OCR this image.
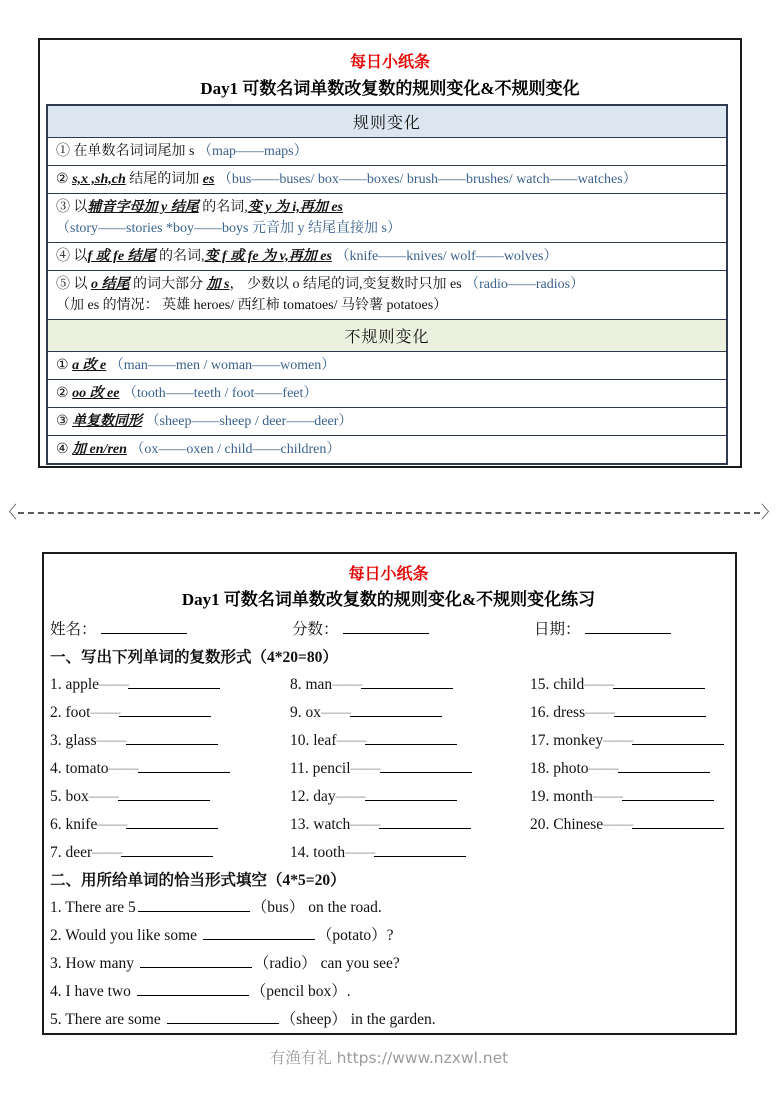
每日小纸条
Day1 可数名词单数改复数的规则变化&不规则变化
规则变化
① 在单数名词词尾加 s （map——maps）
② s,x ,sh,ch 结尾的词加 es （bus——buses/ box——boxes/ brush——brushes/ watch——watches）
③ 以辅音字母加 y 结尾 的名词,变 y 为 i,再加 es
（story——stories *boy——boys 元音加 y 结尾直接加 s）
④ 以f 或 fe 结尾 的名词,变 f 或 fe 为 v,再加 es （knife——knives/ wolf——wolves）
⑤ 以 o 结尾 的词大部分 加 s， 少数以 o 结尾的词,变复数时只加 es （radio——radios）
（加 es 的情况： 英雄 heroes/ 西红柿 tomatoes/ 马铃薯 potatoes）
不规则变化
① a 改 e （man——men / woman——women）
② oo 改 ee （tooth——teeth / foot——feet）
③ 单复数同形 （sheep——sheep / deer——deer）
④ 加 en/ren （ox——oxen / child——children）
〈	〉
每日小纸条
Day1 可数名词单数改复数的规则变化&不规则变化练习
姓名：	分数：	日期：
一、写出下列单词的复数形式（4*20=80）
1. apple——
2. foot——
3. glass——
4. tomato——
5. box——
6. knife——
7. deer——
8. man——
9. ox——
10. leaf——
11. pencil——
12. day——
13. watch——
14. tooth——
15. child——
16. dress——
17. monkey——
18. photo——
19. month——
20. Chinese——
二、用所给单词的恰当形式填空（4*5=20）
1. There are 5	（bus） on the road.
2. Would you like some	（potato）?
3. How many	（radio） can you see?
4. I have two	（pencil box）.
5. There are some	（sheep） in the garden.
有渔有礼 https://www.nzxwl.net
